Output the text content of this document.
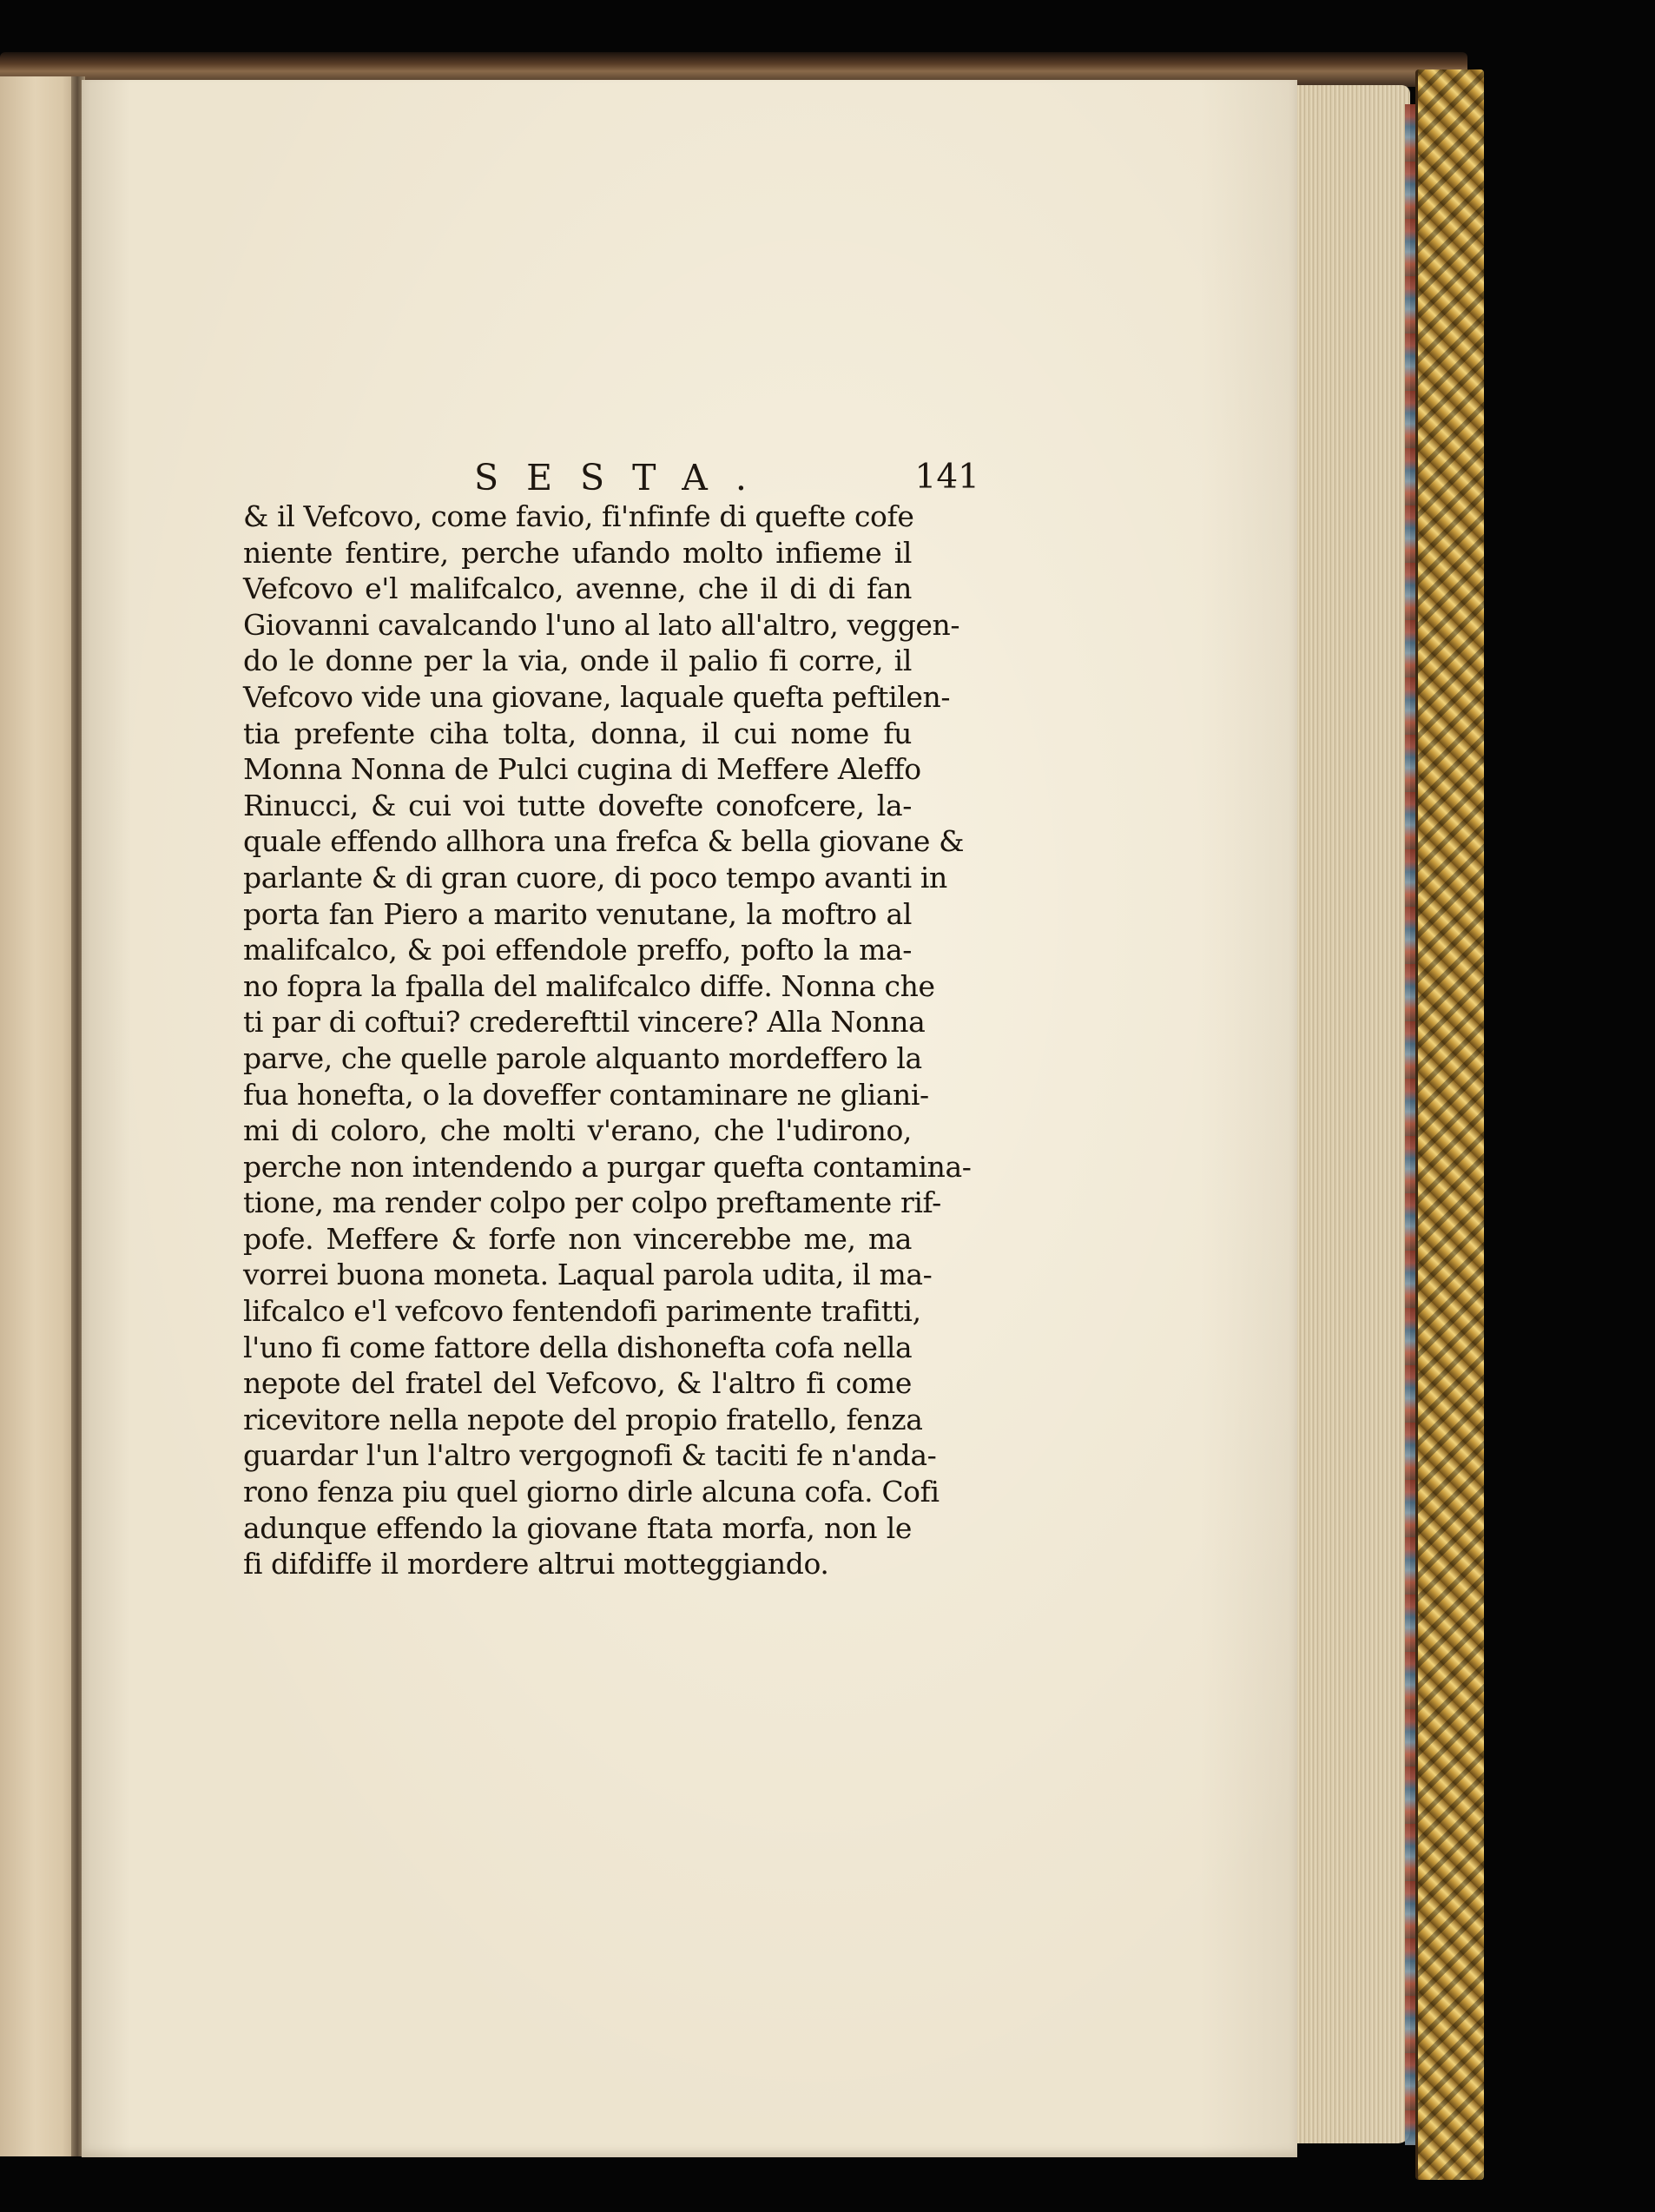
SESTA.	141
& il Vefcovo, come favio, fi'nfinfe di quefte cofe
niente fentire, perche ufando molto infieme il
Vefcovo e'l malifcalco, avenne, che il di di fan
Giovanni cavalcando l'uno al lato all'altro, veggen-
do le donne per la via, onde il palio fi corre, il
Vefcovo vide una giovane, laquale quefta peftilen-
tia prefente ciha tolta, donna, il cui nome fu
Monna Nonna de Pulci cugina di Meffere Aleffo
Rinucci, & cui voi tutte dovefte conofcere, la-
quale effendo allhora una frefca & bella giovane &
parlante & di gran cuore, di poco tempo avanti in
porta fan Piero a marito venutane, la moftro al
malifcalco, & poi effendole preffo, pofto la ma-
no fopra la fpalla del malifcalco diffe. Nonna che
ti par di coftui? crederefttil vincere? Alla Nonna
parve, che quelle parole alquanto mordeffero la
fua honefta, o la doveffer contaminare ne gliani-
mi di coloro, che molti v'erano, che l'udirono,
perche non intendendo a purgar quefta contamina-
tione, ma render colpo per colpo preftamente rif-
pofe. Meffere & forfe non vincerebbe me, ma
vorrei buona moneta. Laqual parola udita, il ma-
lifcalco e'l vefcovo fentendofi parimente trafitti,
l'uno fi come fattore della dishonefta cofa nella
nepote del fratel del Vefcovo, & l'altro fi come
ricevitore nella nepote del propio fratello, fenza
guardar l'un l'altro vergognofi & taciti fe n'anda-
rono fenza piu quel giorno dirle alcuna cofa. Cofi
adunque effendo la giovane ftata morfa, non le
fi difdiffe il mordere altrui motteggiando.
